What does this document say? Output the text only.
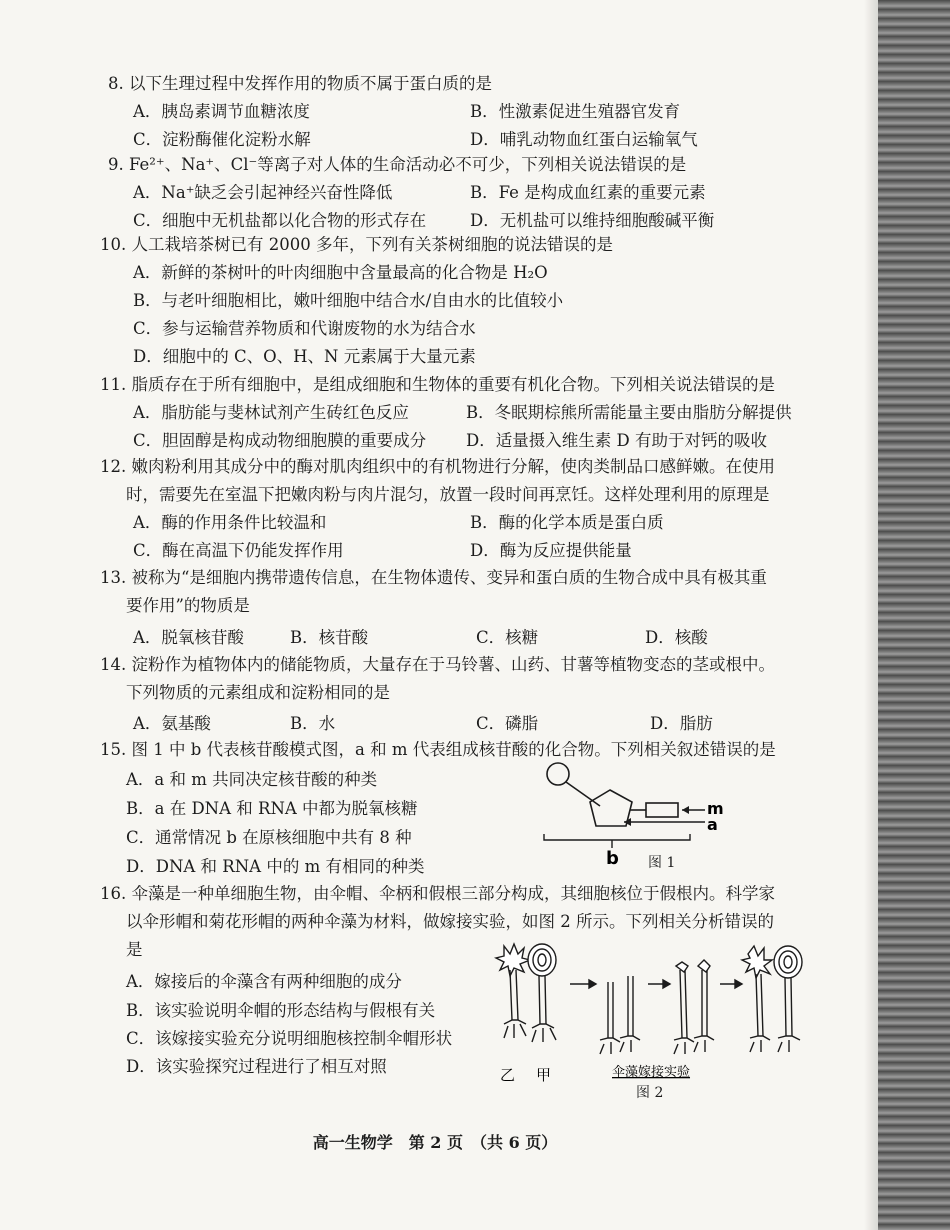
8. 以下生理过程中发挥作用的物质不属于蛋白质的是
A．胰岛素调节血糖浓度	B．性激素促进生殖器官发育
C．淀粉酶催化淀粉水解	D．哺乳动物血红蛋白运输氧气
9. Fe²⁺、Na⁺、Cl⁻等离子对人体的生命活动必不可少，下列相关说法错误的是
A．Na⁺缺乏会引起神经兴奋性降低	B．Fe 是构成血红素的重要元素
C．细胞中无机盐都以化合物的形式存在	D．无机盐可以维持细胞酸碱平衡
10. 人工栽培茶树已有 2000 多年，下列有关茶树细胞的说法错误的是
A．新鲜的茶树叶的叶肉细胞中含量最高的化合物是 H₂O
B．与老叶细胞相比，嫩叶细胞中结合水/自由水的比值较小
C．参与运输营养物质和代谢废物的水为结合水
D．细胞中的 C、O、H、N 元素属于大量元素
11. 脂质存在于所有细胞中，是组成细胞和生物体的重要有机化合物。下列相关说法错误的是
A．脂肪能与斐林试剂产生砖红色反应	B．冬眠期棕熊所需能量主要由脂肪分解提供
C．胆固醇是构成动物细胞膜的重要成分 D．适量摄入维生素 D 有助于对钙的吸收
12. 嫩肉粉利用其成分中的酶对肌肉组织中的有机物进行分解，使肉类制品口感鲜嫩。在使用
时，需要先在室温下把嫩肉粉与肉片混匀，放置一段时间再烹饪。这样处理利用的原理是
A．酶的作用条件比较温和	B．酶的化学本质是蛋白质
C．酶在高温下仍能发挥作用	D．酶为反应提供能量
13. 被称为“是细胞内携带遗传信息，在生物体遗传、变异和蛋白质的生物合成中具有极其重
要作用”的物质是
A．脱氧核苷酸	B．核苷酸	C．核糖	D．核酸
14. 淀粉作为植物体内的储能物质，大量存在于马铃薯、山药、甘薯等植物变态的茎或根中。
下列物质的元素组成和淀粉相同的是
A．氨基酸	B．水	C．磷脂	D．脂肪
15. 图 1 中 b 代表核苷酸模式图，a 和 m 代表组成核苷酸的化合物。下列相关叙述错误的是
A．a 和 m 共同决定核苷酸的种类
B．a 在 DNA 和 RNA 中都为脱氧核糖
C．通常情况 b 在原核细胞中共有 8 种
D．DNA 和 RNA 中的 m 有相同的种类
m
a
b 图 1
16. 伞藻是一种单细胞生物，由伞帽、伞柄和假根三部分构成，其细胞核位于假根内。科学家
以伞形帽和菊花形帽的两种伞藻为材料，做嫁接实验，如图 2 所示。下列相关分析错误的
是
A．嫁接后的伞藻含有两种细胞的成分
B．该实验说明伞帽的形态结构与假根有关
C．该嫁接实验充分说明细胞核控制伞帽形状
D．该实验探究过程进行了相互对照	乙 甲	伞藻嫁接实验
图 2
高一生物学　第 2 页　（共 6 页）
